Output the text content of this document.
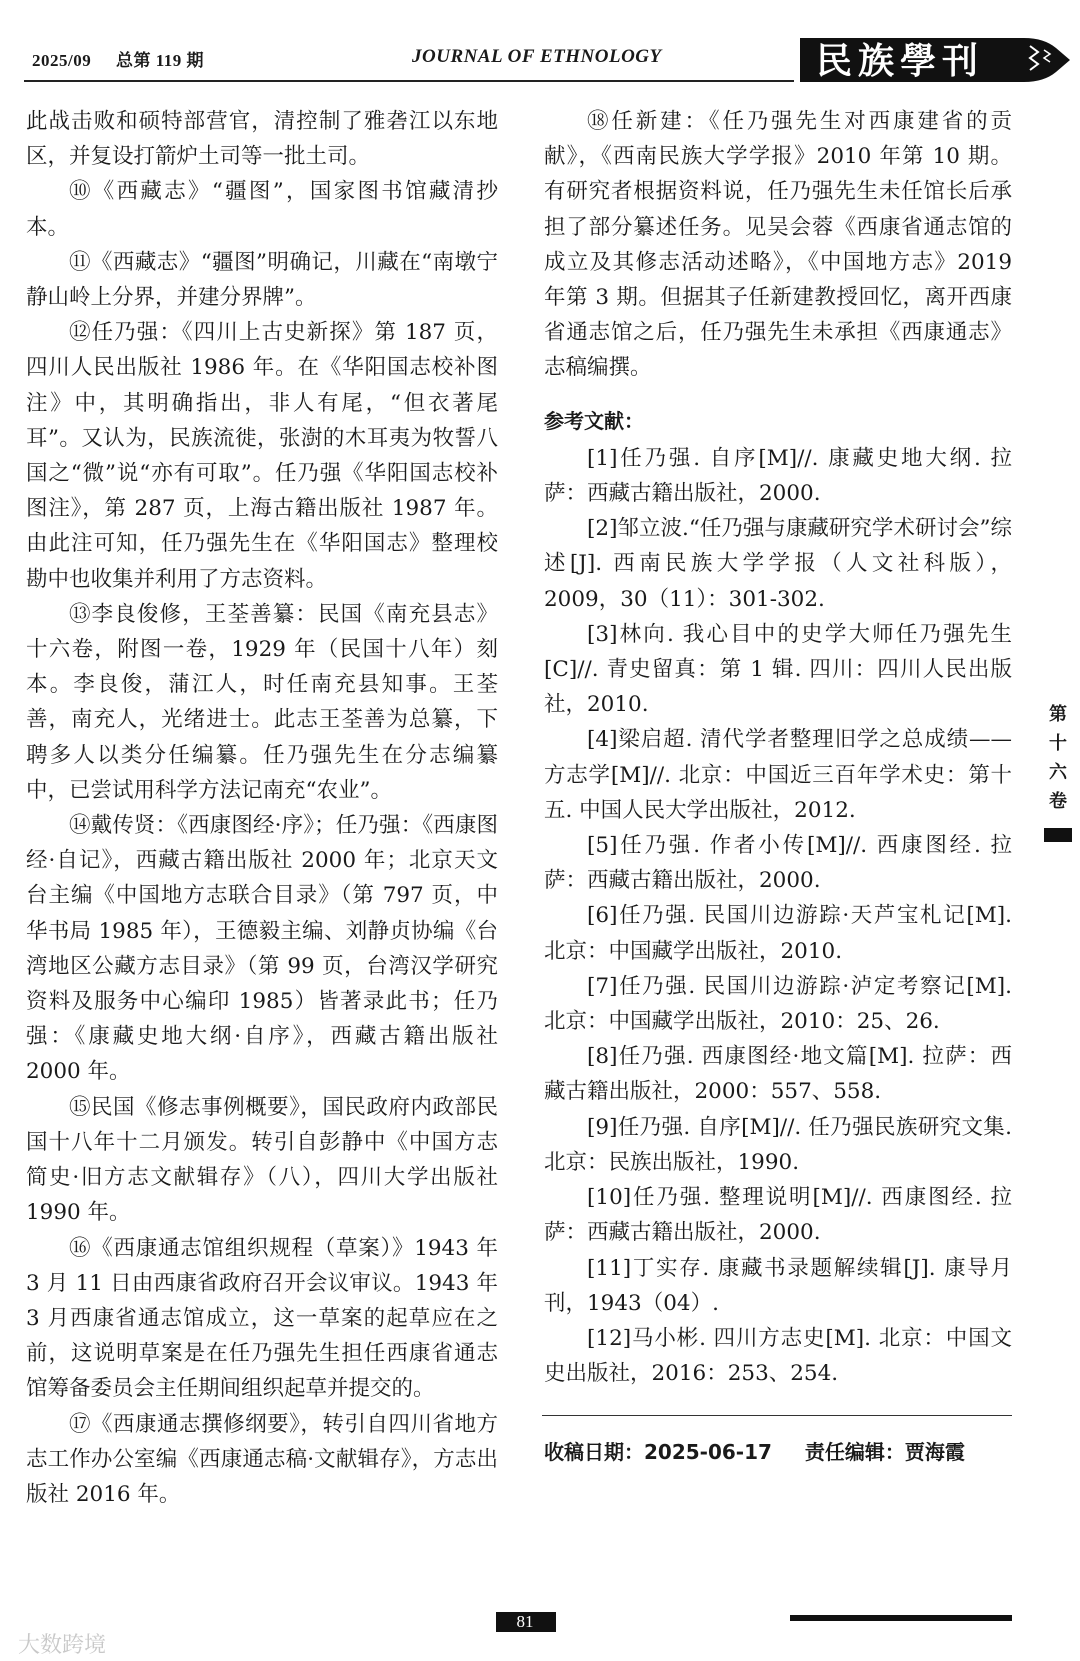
2025/09 总第 119 期	JOURNAL OF ETHNOLOGY	民族學刊

此战击败和硕特部营官，清控制了雅砻江以东地区，并复设打箭炉土司等一批土司。

⑩《西藏志》“疆图”，国家图书馆藏清抄本。

⑪《西藏志》“疆图”明确记，川藏在“南墩宁静山岭上分界，并建分界牌”。

⑫任乃强：《四川上古史新探》第 187 页，四川人民出版社 1986 年。在《华阳国志校补图注》中，其明确指出，非人有尾，“但衣著尾耳”。又认为，民族流徙，张澍的木耳夷为牧誓八国之“微”说“亦有可取”。任乃强《华阳国志校补图注》，第 287 页，上海古籍出版社 1987 年。由此注可知，任乃强先生在《华阳国志》整理校勘中也收集并利用了方志资料。

⑬李良俊修，王荃善纂：民国《南充县志》十六卷，附图一卷，1929 年（民国十八年）刻本。李良俊，蒲江人，时任南充县知事。王荃善，南充人，光绪进士。此志王荃善为总纂，下聘多人以类分任编纂。任乃强先生在分志编纂中，已尝试用科学方法记南充“农业”。

⑭戴传贤：《西康图经·序》；任乃强：《西康图经·自记》，西藏古籍出版社 2000 年；北京天文台主编《中国地方志联合目录》（第 797 页，中华书局 1985 年），王德毅主编、刘静贞协编《台湾地区公藏方志目录》（第 99 页，台湾汉学研究资料及服务中心编印 1985）皆著录此书；任乃强：《康藏史地大纲·自序》，西藏古籍出版社 2000 年。

⑮民国《修志事例概要》，国民政府内政部民国十八年十二月颁发。转引自彭静中《中国方志简史·旧方志文献辑存》（八），四川大学出版社 1990 年。

⑯《西康通志馆组织规程（草案）》1943 年 3 月 11 日由西康省政府召开会议审议。1943 年 3 月西康省通志馆成立，这一草案的起草应在之前，这说明草案是在任乃强先生担任西康省通志馆筹备委员会主任期间组织起草并提交的。

⑰《西康通志撰修纲要》，转引自四川省地方志工作办公室编《西康通志稿·文献辑存》，方志出版社 2016 年。

⑱任新建：《任乃强先生对西康建省的贡献》，《西南民族大学学报》2010 年第 10 期。有研究者根据资料说，任乃强先生未任馆长后承担了部分纂述任务。见吴会蓉《西康省通志馆的成立及其修志活动述略》，《中国地方志》2019 年第 3 期。但据其子任新建教授回忆，离开西康省通志馆之后，任乃强先生未承担《西康通志》志稿编撰。

参考文献：

[1]任乃强. 自序[M]//. 康藏史地大纲. 拉萨：西藏古籍出版社，2000.

[2]邹立波.“任乃强与康藏研究学术研讨会”综述[J]. 西南民族大学学报（人文社科版），2009，30（11）：301-302.

[3]林向. 我心目中的史学大师任乃强先生[C]//. 青史留真：第 1 辑. 四川：四川人民出版社，2010.

[4]梁启超. 清代学者整理旧学之总成绩——方志学[M]//. 北京：中国近三百年学术史：第十五. 中国人民大学出版社，2012.

[5]任乃强. 作者小传[M]//. 西康图经. 拉萨：西藏古籍出版社，2000.

[6]任乃强. 民国川边游踪·天芦宝札记[M]. 北京：中国藏学出版社，2010.

[7]任乃强. 民国川边游踪·泸定考察记[M]. 北京：中国藏学出版社，2010：25、26.

[8]任乃强. 西康图经·地文篇[M]. 拉萨：西藏古籍出版社，2000：557、558.

[9]任乃强. 自序[M]//. 任乃强民族研究文集. 北京：民族出版社，1990.

[10]任乃强. 整理说明[M]//. 西康图经. 拉萨：西藏古籍出版社，2000.

[11]丁实存. 康藏书录题解续辑[J]. 康导月刊，1943（04）.

[12]马小彬. 四川方志史[M]. 北京：中国文史出版社，2016：253、254.

收稿日期：2025-06-17 责任编辑：贾海霞
第
十
六
卷
81
大数跨境
